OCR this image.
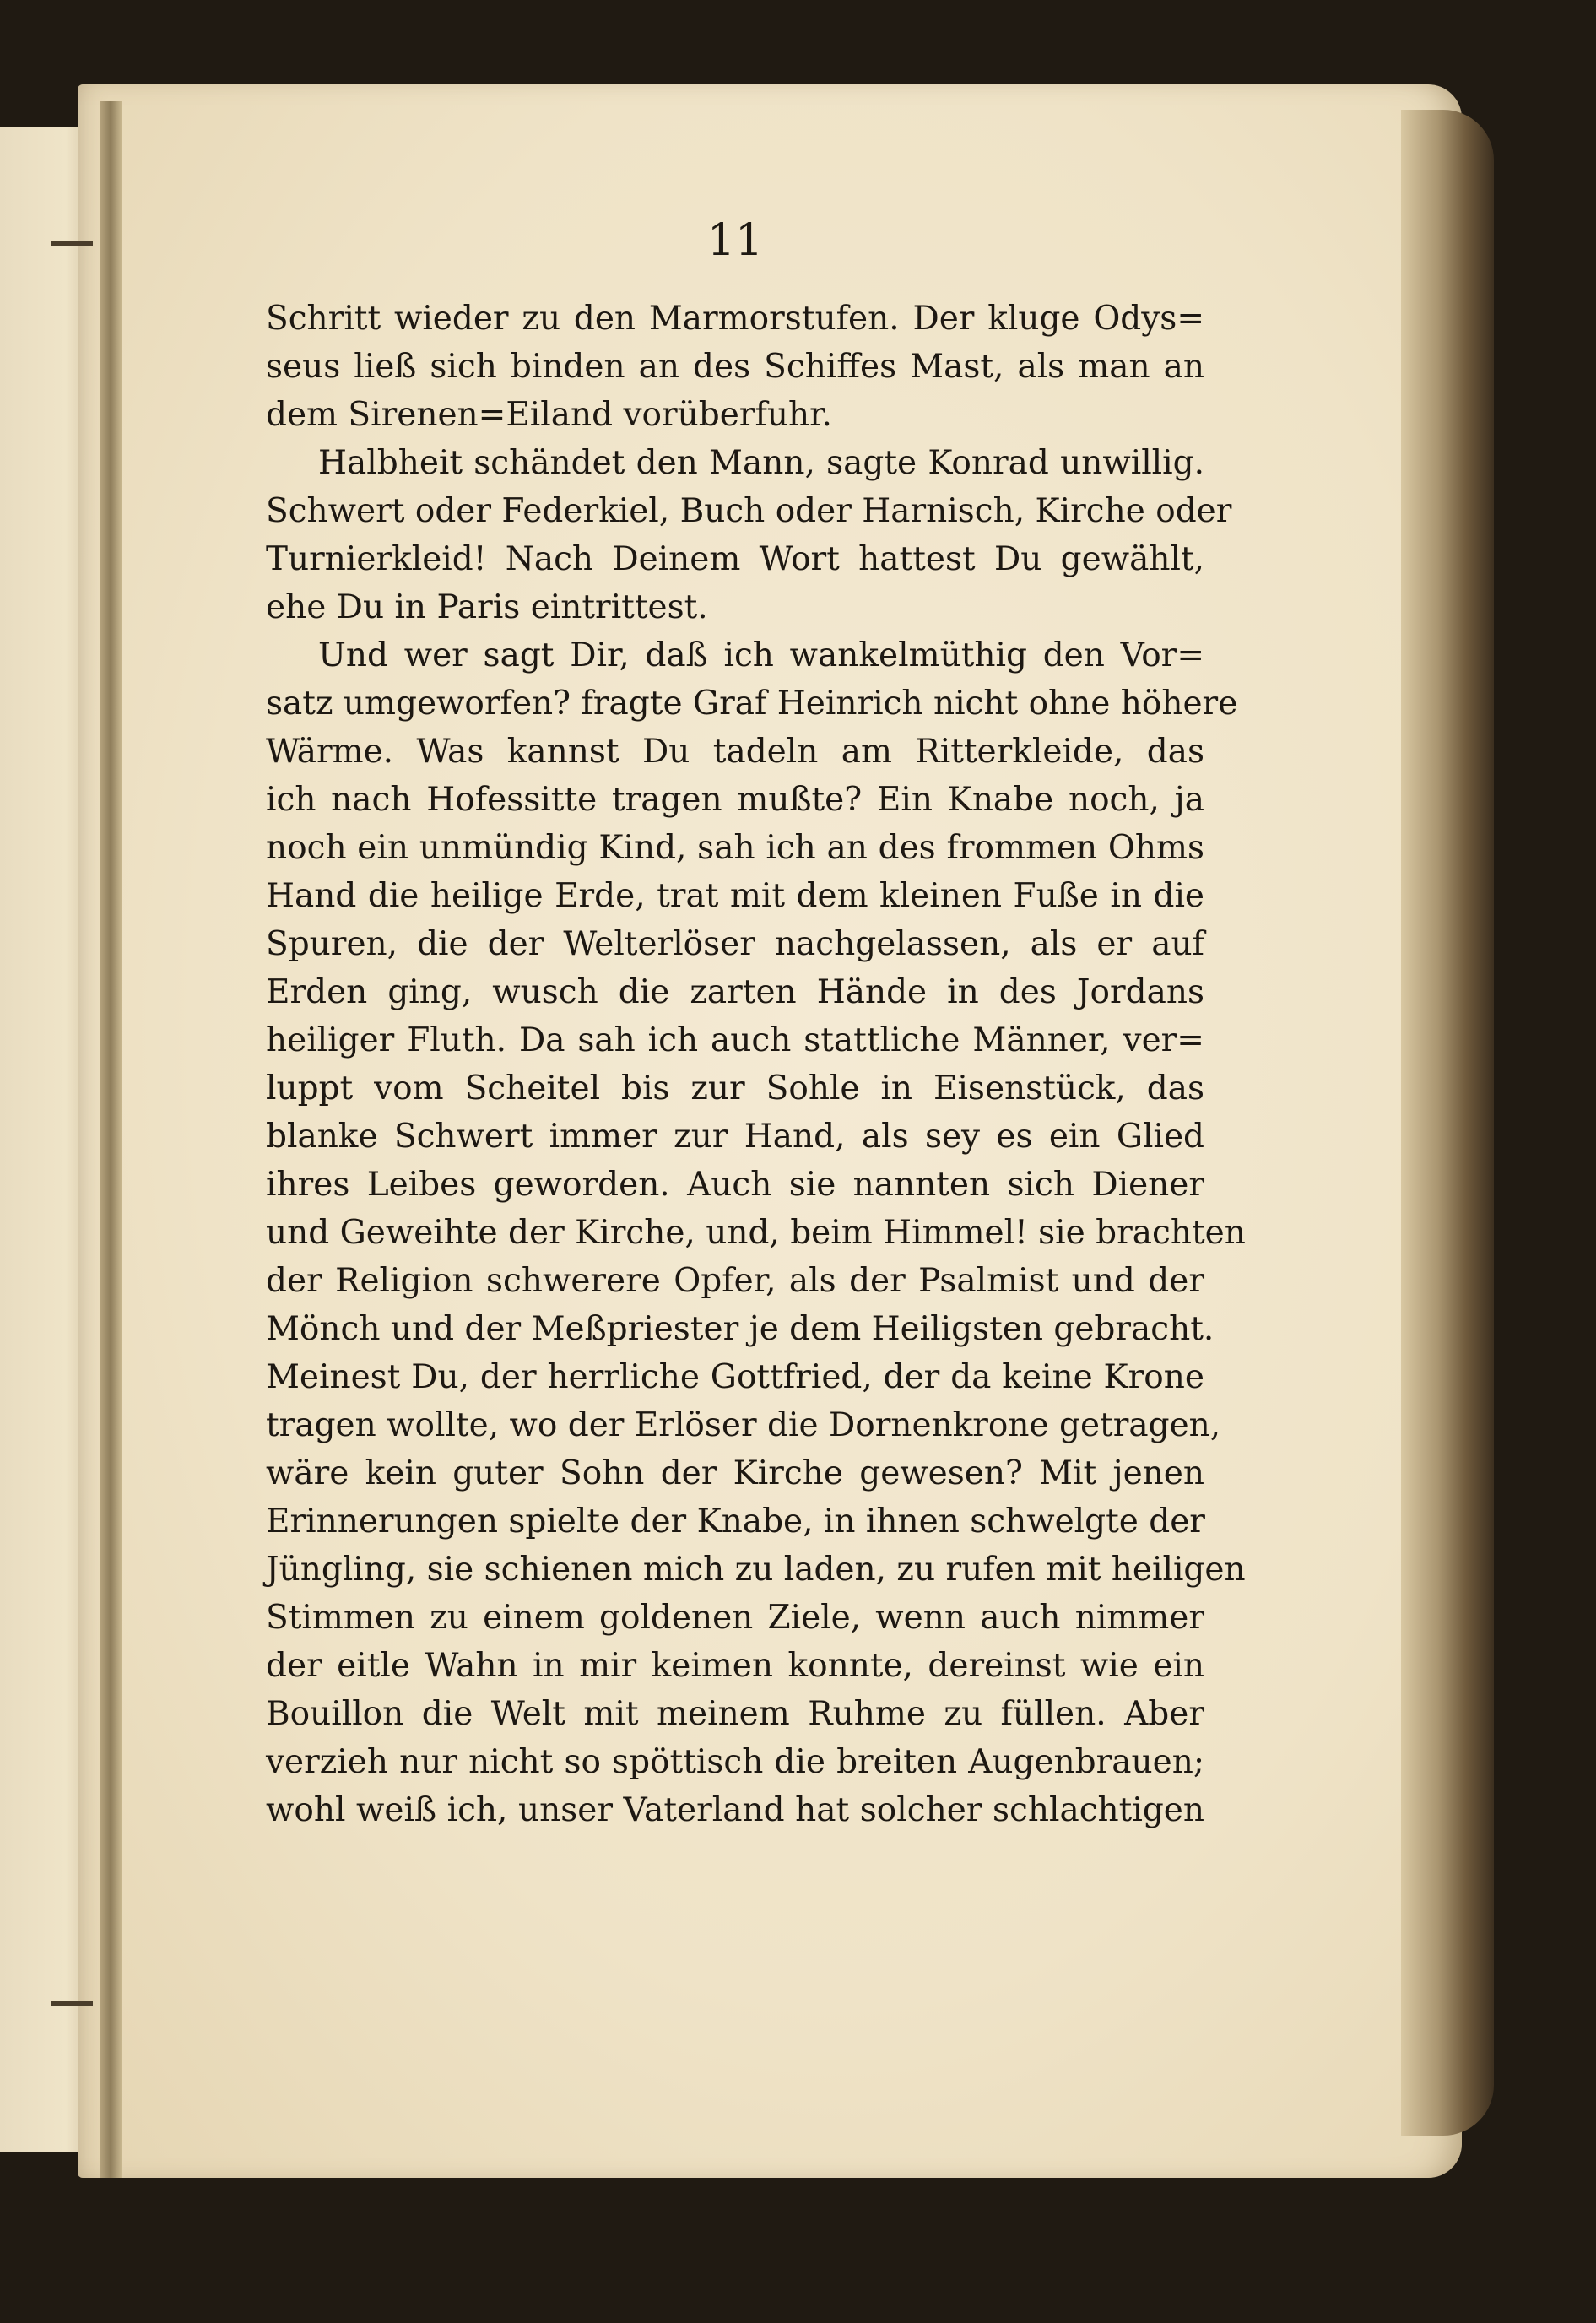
11
Schritt wieder zu den Marmorstufen. Der kluge Odys=
seus ließ sich binden an des Schiffes Mast, als man an
dem Sirenen=Eiland vorüberfuhr.
Halbheit schändet den Mann, sagte Konrad unwillig.
Schwert oder Federkiel, Buch oder Harnisch, Kirche oder
Turnierkleid! Nach Deinem Wort hattest Du gewählt,
ehe Du in Paris eintrittest.
Und wer sagt Dir, daß ich wankelmüthig den Vor=
satz umgeworfen? fragte Graf Heinrich nicht ohne höhere
Wärme. Was kannst Du tadeln am Ritterkleide, das
ich nach Hofessitte tragen mußte? Ein Knabe noch, ja
noch ein unmündig Kind, sah ich an des frommen Ohms
Hand die heilige Erde, trat mit dem kleinen Fuße in die
Spuren, die der Welterlöser nachgelassen, als er auf
Erden ging, wusch die zarten Hände in des Jordans
heiliger Fluth. Da sah ich auch stattliche Männer, ver=
luppt vom Scheitel bis zur Sohle in Eisenstück, das
blanke Schwert immer zur Hand, als sey es ein Glied
ihres Leibes geworden. Auch sie nannten sich Diener
und Geweihte der Kirche, und, beim Himmel! sie brachten
der Religion schwerere Opfer, als der Psalmist und der
Mönch und der Meßpriester je dem Heiligsten gebracht.
Meinest Du, der herrliche Gottfried, der da keine Krone
tragen wollte, wo der Erlöser die Dornenkrone getragen,
wäre kein guter Sohn der Kirche gewesen? Mit jenen
Erinnerungen spielte der Knabe, in ihnen schwelgte der
Jüngling, sie schienen mich zu laden, zu rufen mit heiligen
Stimmen zu einem goldenen Ziele, wenn auch nimmer
der eitle Wahn in mir keimen konnte, dereinst wie ein
Bouillon die Welt mit meinem Ruhme zu füllen. Aber
verzieh nur nicht so spöttisch die breiten Augenbrauen;
wohl weiß ich, unser Vaterland hat solcher schlachtigen
